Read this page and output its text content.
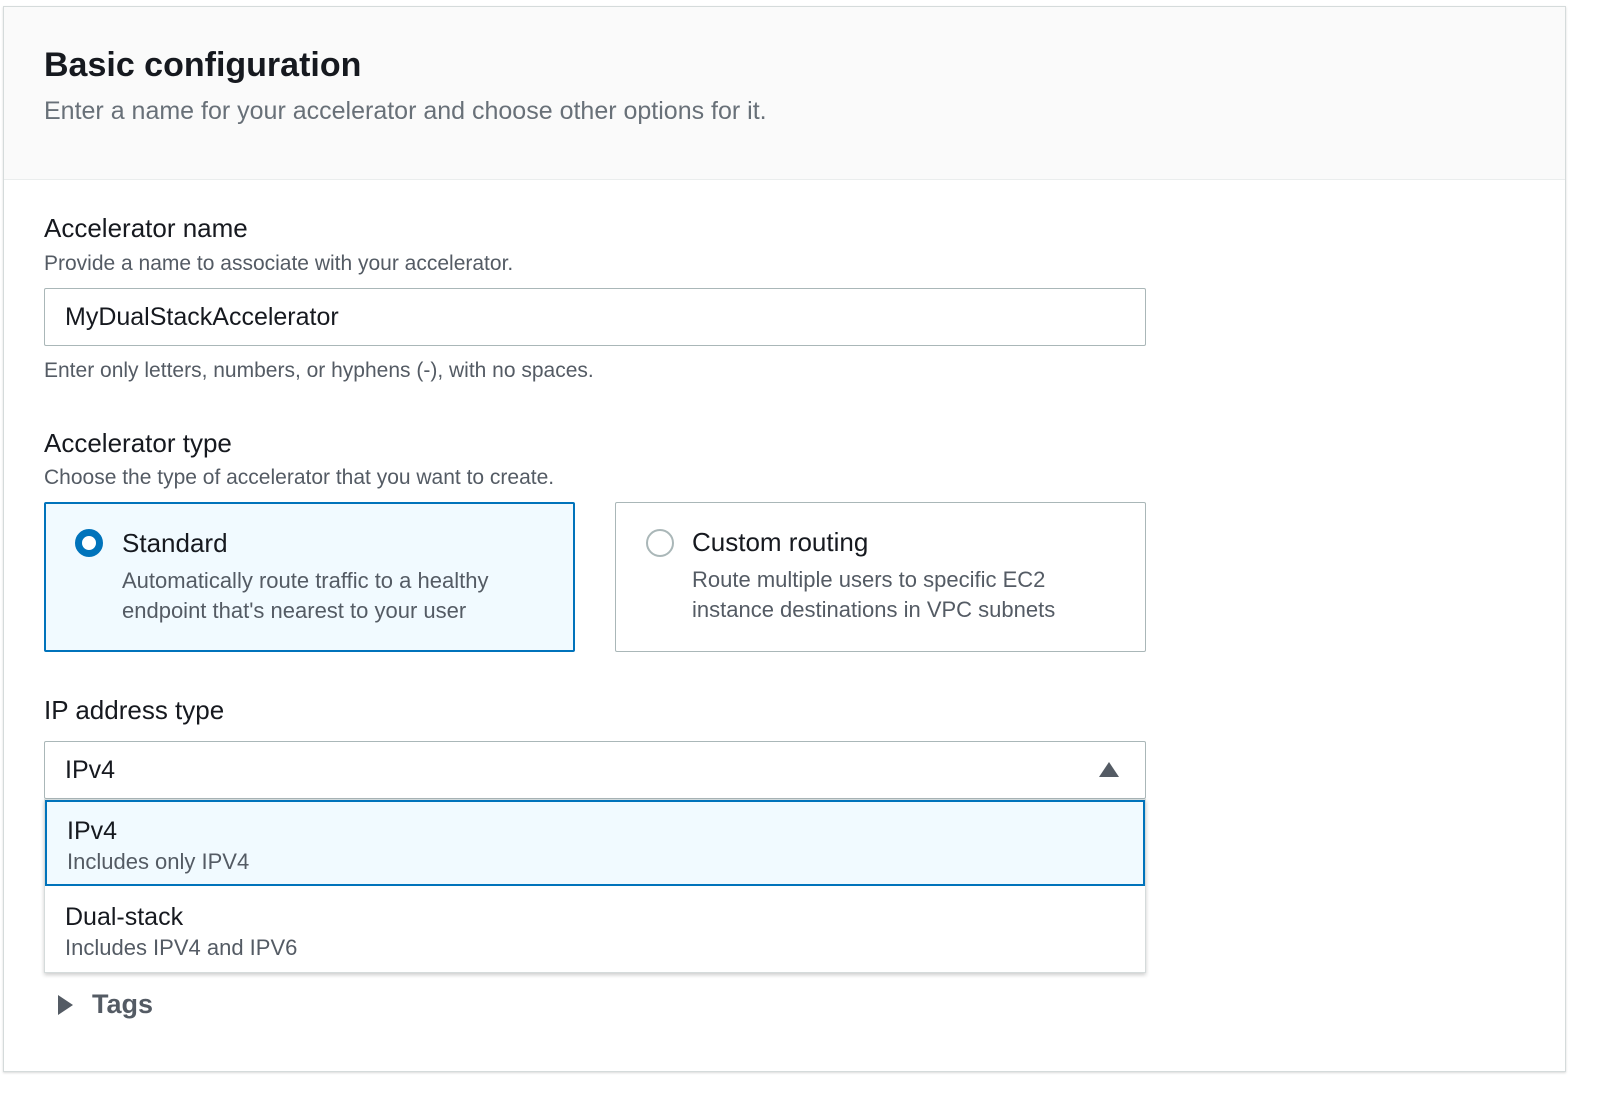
Basic configuration

Enter a name for your accelerator and choose other options for it.

Accelerator name
Provide a name to associate with your accelerator.
MyDualStackAccelerator
Enter only letters, numbers, or hyphens (-), with no spaces.
Accelerator type
Choose the type of accelerator that you want to create.
Standard
Automatically route traffic to a healthy endpoint that's nearest to your user
Custom routing
Route multiple users to specific EC2 instance destinations in VPC subnets
IP address type
IPv4
IPv4
Includes only IPV4
Dual-stack
Includes IPV4 and IPV6
Tags
